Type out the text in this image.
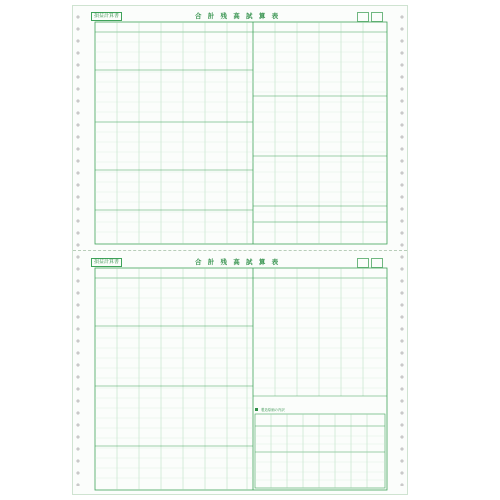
損益計算書	合 計 残 高 試 算 表
損益計算書	合 計 残 高 試 算 表
製造原価の内訳
